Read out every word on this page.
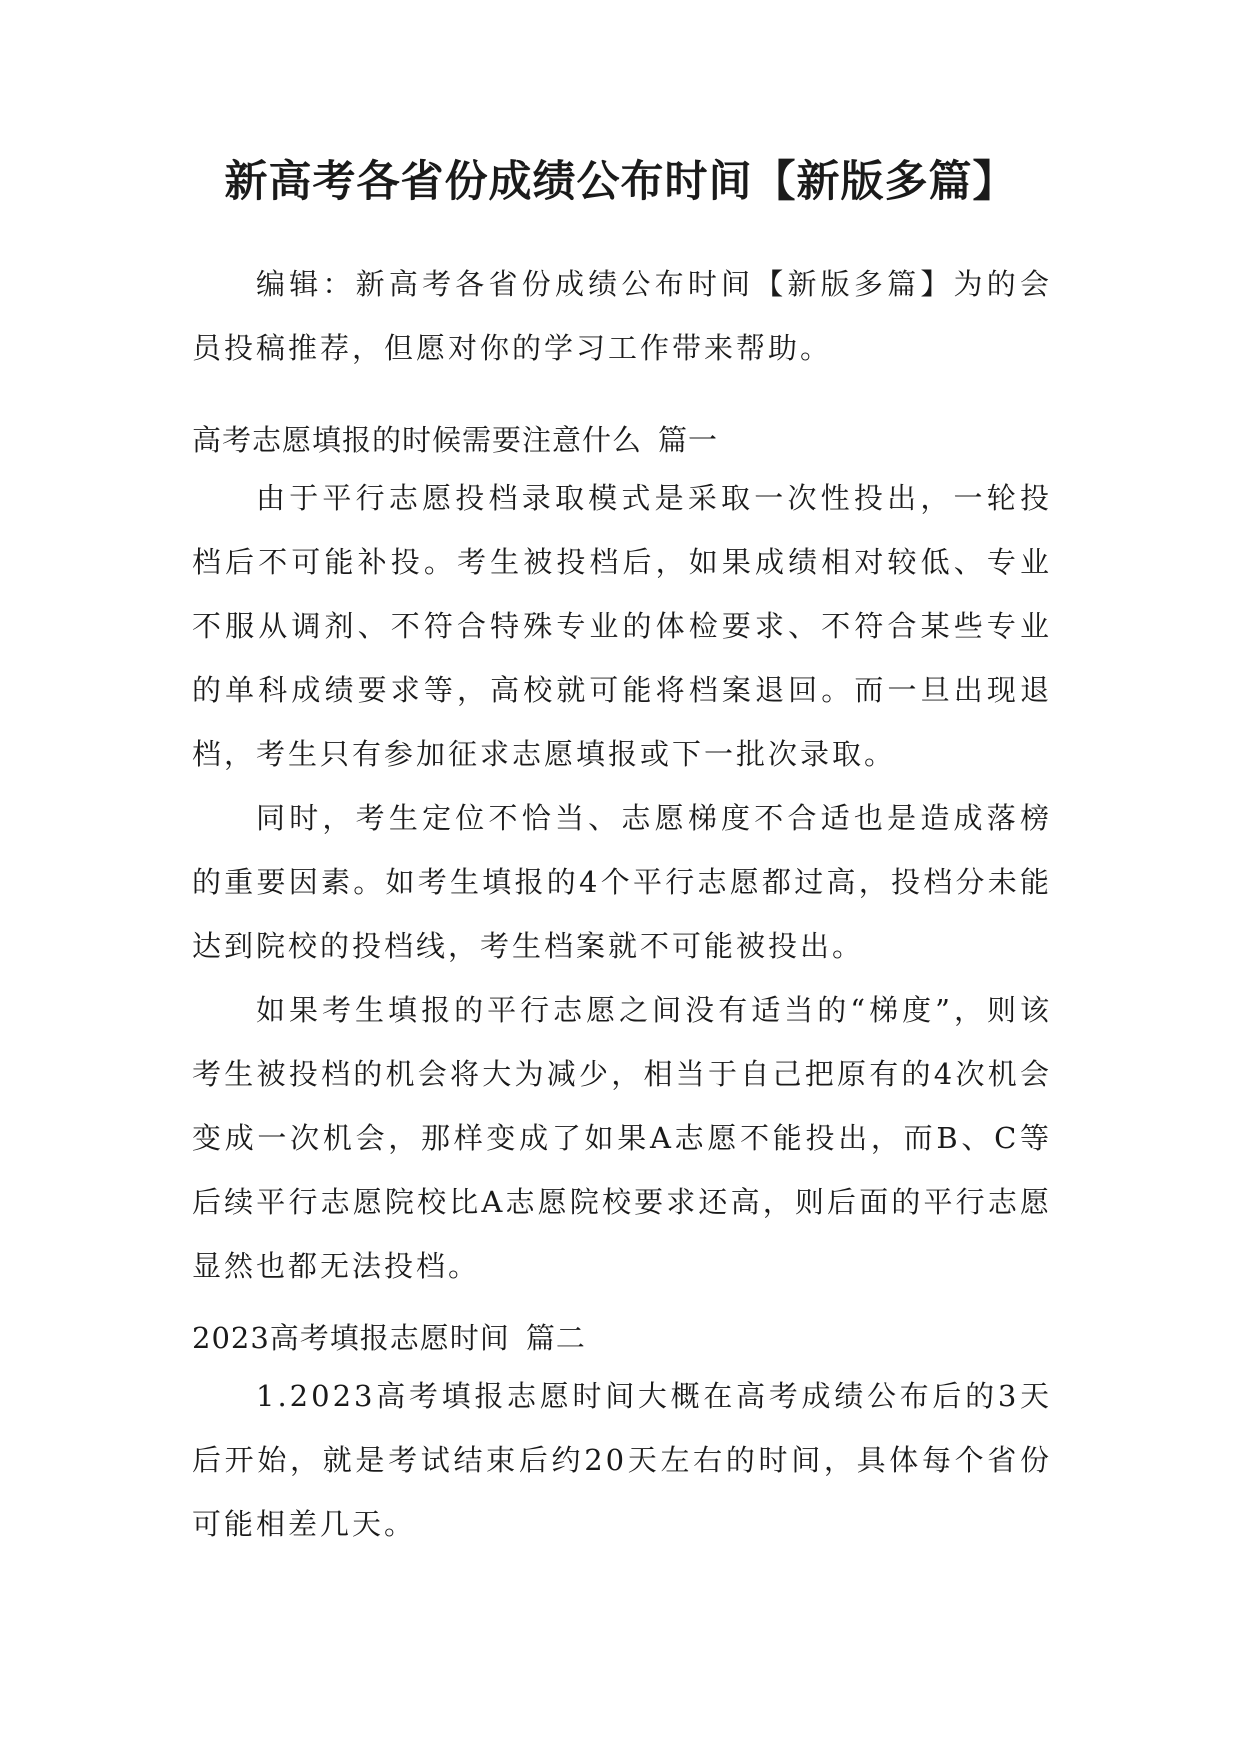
新高考各省份成绩公布时间【新版多篇】

编辑：新高考各省份成绩公布时间【新版多篇】为的会员投稿推荐，但愿对你的学习工作带来帮助。

高考志愿填报的时候需要注意什么 篇一

由于平行志愿投档录取模式是采取一次性投出，一轮投档后不可能补投。考生被投档后，如果成绩相对较低、专业不服从调剂、不符合特殊专业的体检要求、不符合某些专业的单科成绩要求等，高校就可能将档案退回。而一旦出现退档，考生只有参加征求志愿填报或下一批次录取。

同时，考生定位不恰当、志愿梯度不合适也是造成落榜的重要因素。如考生填报的4个平行志愿都过高，投档分未能达到院校的投档线，考生档案就不可能被投出。

如果考生填报的平行志愿之间没有适当的“梯度”，则该考生被投档的机会将大为减少，相当于自己把原有的4次机会变成一次机会，那样变成了如果A志愿不能投出，而B、C等后续平行志愿院校比A志愿院校要求还高，则后面的平行志愿显然也都无法投档。

2023高考填报志愿时间 篇二

1.2023高考填报志愿时间大概在高考成绩公布后的3天后开始，就是考试结束后约20天左右的时间，具体每个省份可能相差几天。
